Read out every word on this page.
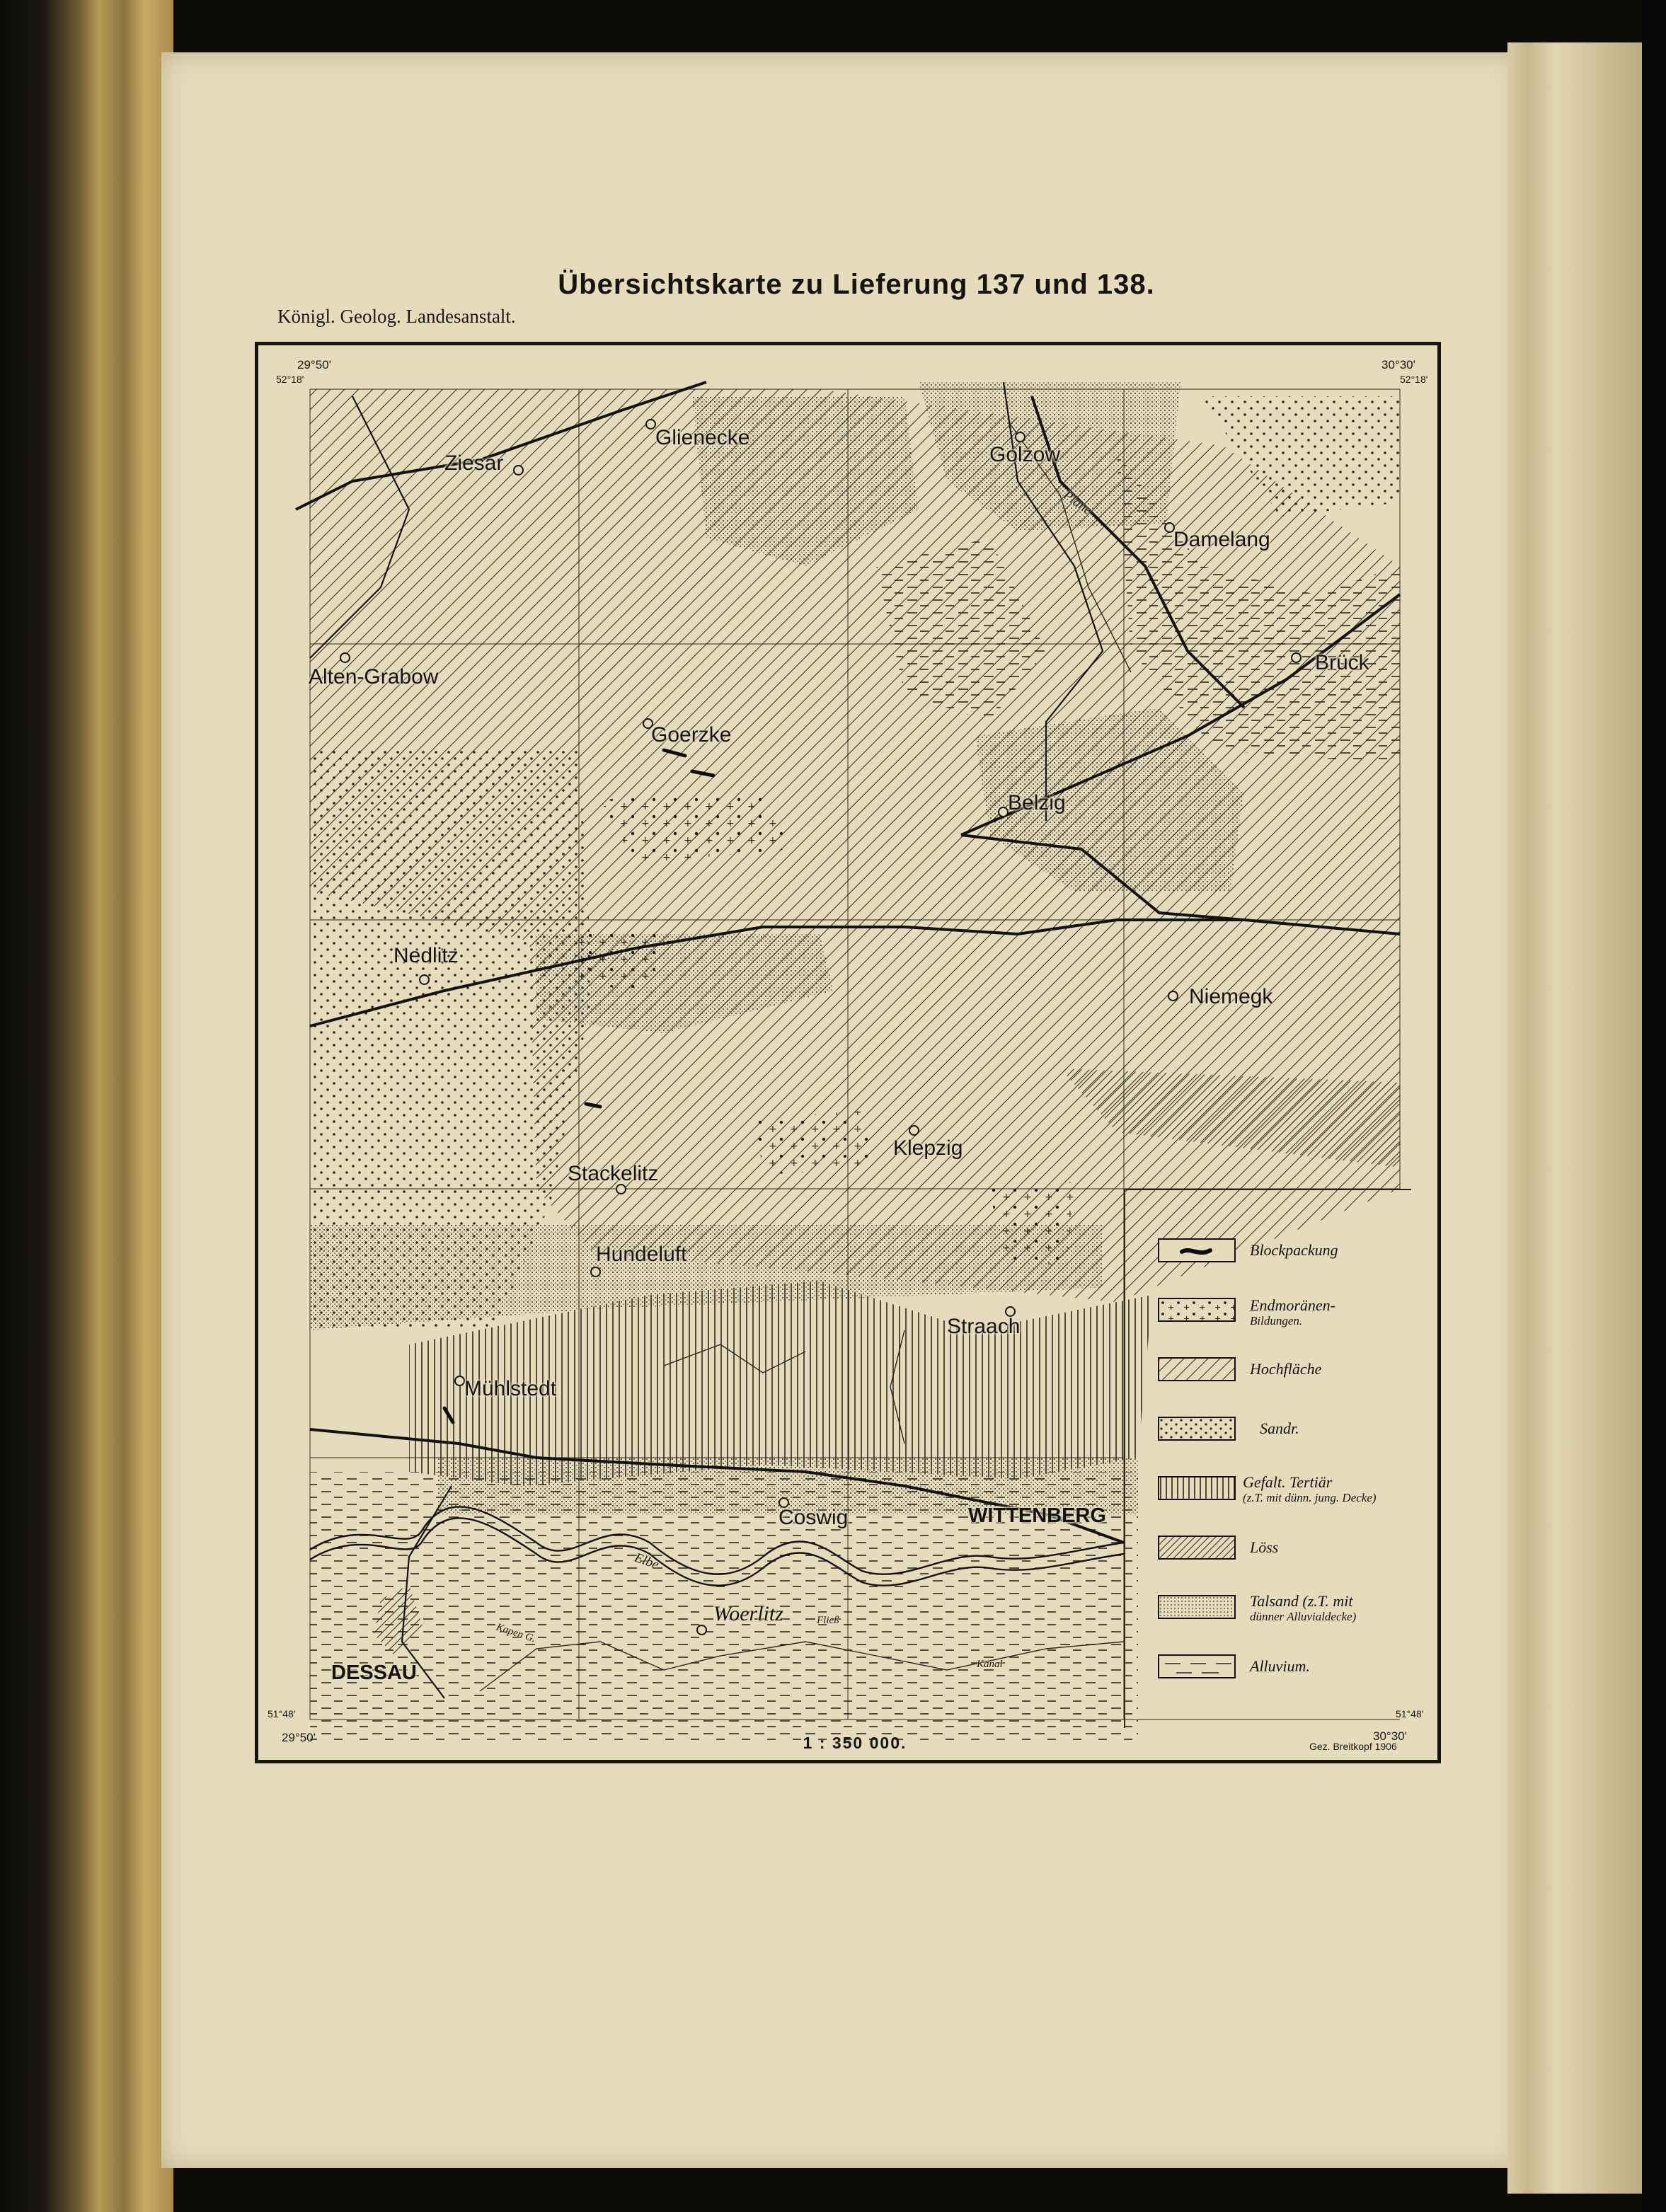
Übersichtskarte zu Lieferung 137 und 138.
Königl. Geolog. Landesanstalt.
29°50'
52°18'
30°30'
52°18'
51°48'
29°50'
51°48'
30°30'
1 : 350 000.	Gez. Breitkopf 1906
Ziesar
Glienecke
Golzow
Damelang
Alten-Grabow
Brück
Goerzke
Belzig
Nedlitz
Niemegk
Klepzig
Stackelitz
Hundeluft
Straach
Mühlstedt
Coswig	WITTENBERG
Woerlitz
DESSAU
Plane
Elbe
Kapen G.
Fließ
Kanal
Blockpackung
Endmoränen-
Bildungen.
Hochfläche
Sandr.
Gefalt. Tertiär
(z.T. mit dünn. jung. Decke)
Löss
Talsand (z.T. mit
dünner Alluvialdecke)
Alluvium.
